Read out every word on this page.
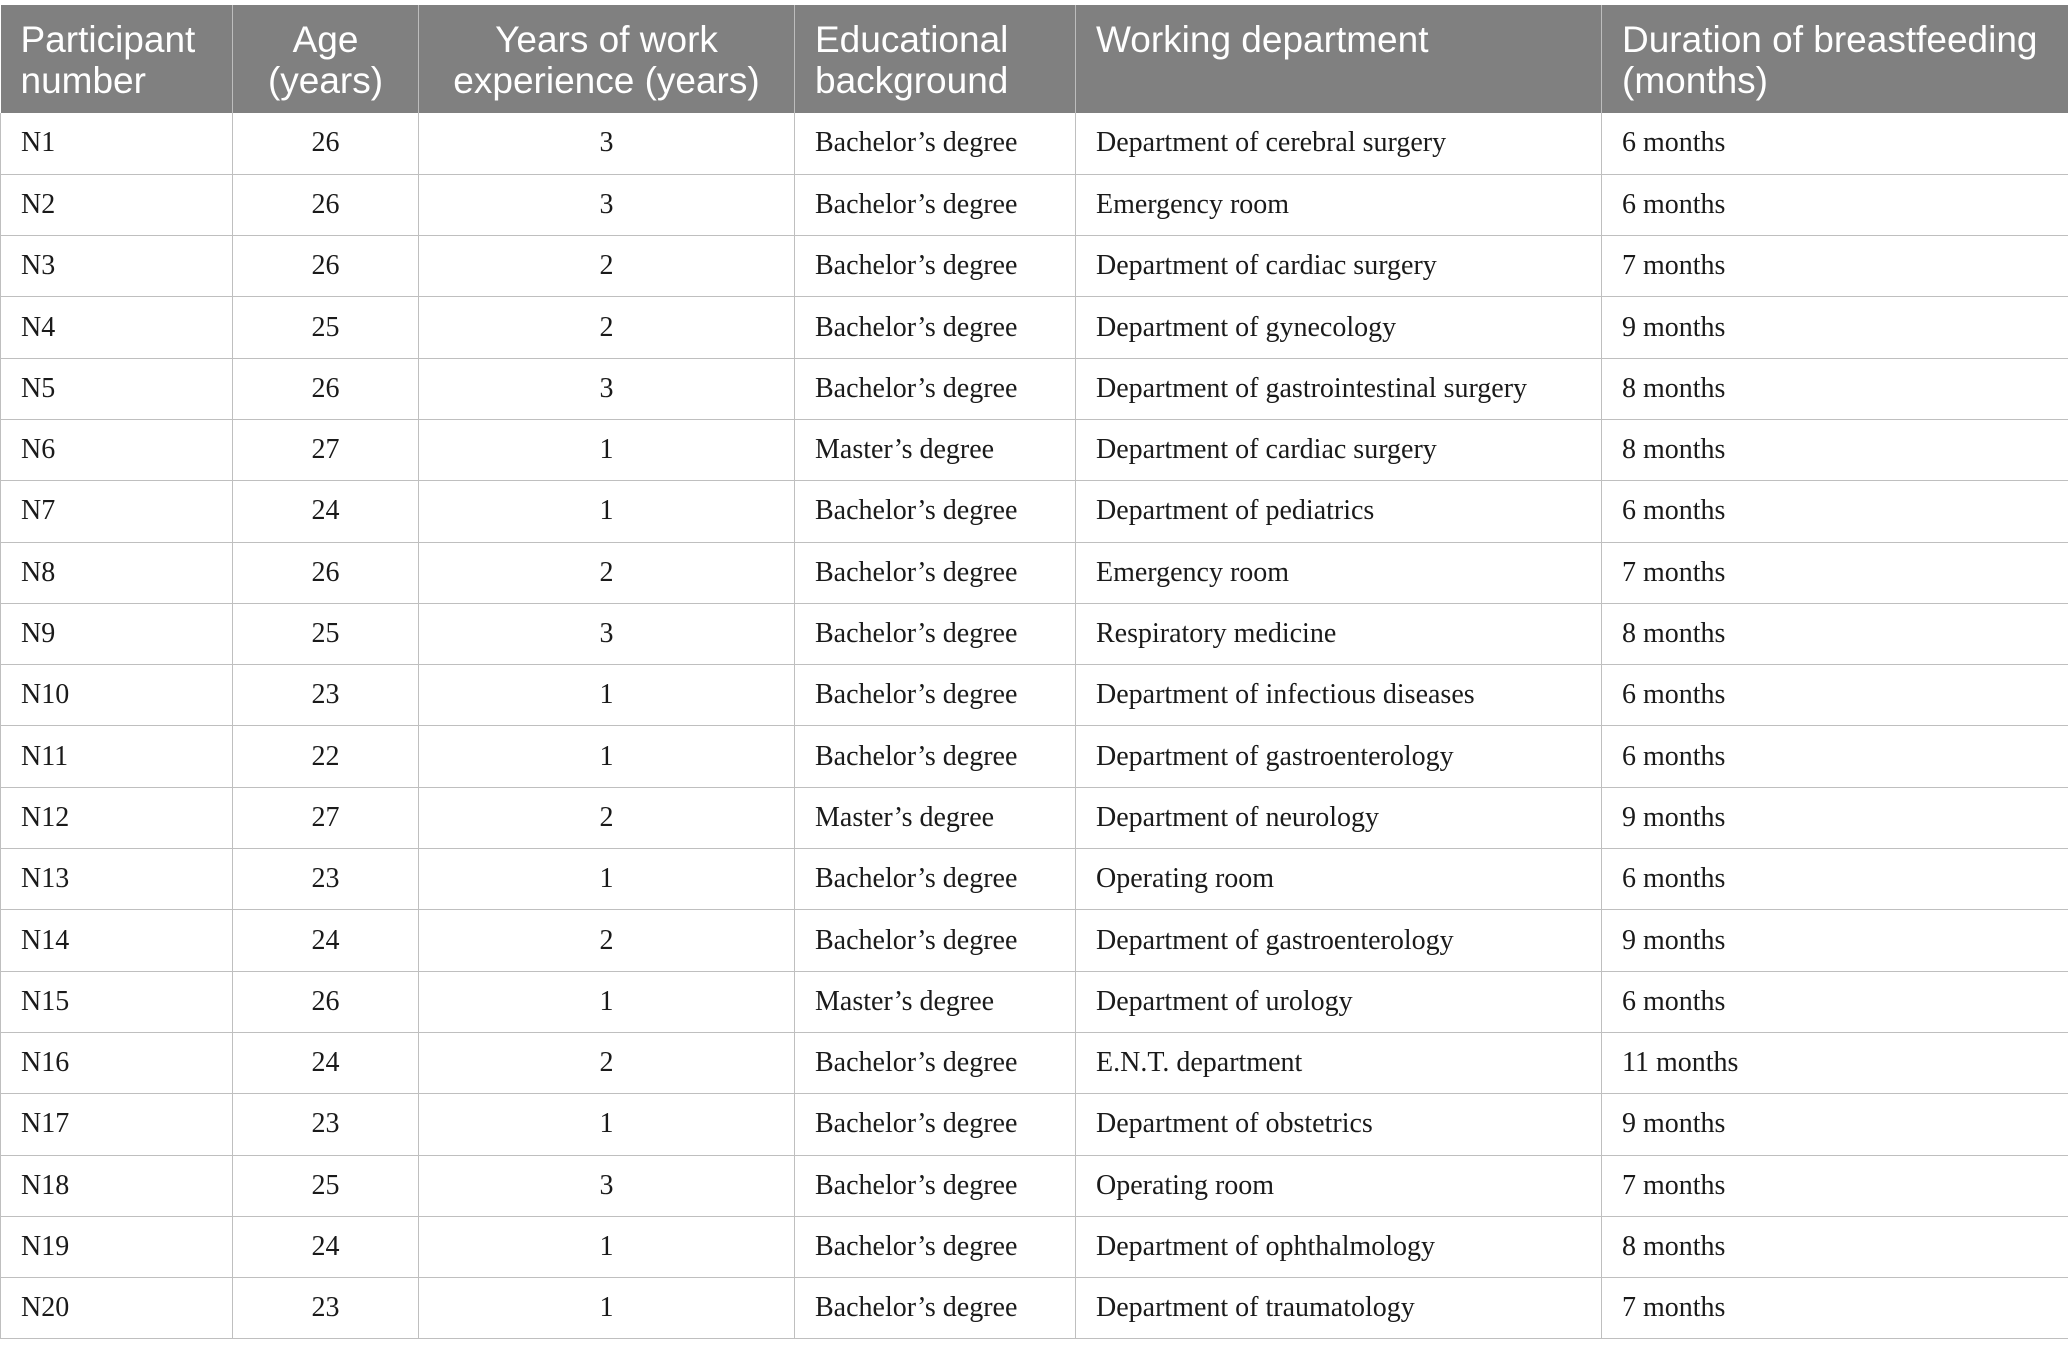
Participant number	Age (years)	Years of work experience (years)	Educational background	Working department	Duration of breastfeeding (months)
N1	26	3	Bachelor’s degree	Department of cerebral surgery	6 months
N2	26	3	Bachelor’s degree	Emergency room	6 months
N3	26	2	Bachelor’s degree	Department of cardiac surgery	7 months
N4	25	2	Bachelor’s degree	Department of gynecology	9 months
N5	26	3	Bachelor’s degree	Department of gastrointestinal surgery	8 months
N6	27	1	Master’s degree	Department of cardiac surgery	8 months
N7	24	1	Bachelor’s degree	Department of pediatrics	6 months
N8	26	2	Bachelor’s degree	Emergency room	7 months
N9	25	3	Bachelor’s degree	Respiratory medicine	8 months
N10	23	1	Bachelor’s degree	Department of infectious diseases	6 months
N11	22	1	Bachelor’s degree	Department of gastroenterology	6 months
N12	27	2	Master’s degree	Department of neurology	9 months
N13	23	1	Bachelor’s degree	Operating room	6 months
N14	24	2	Bachelor’s degree	Department of gastroenterology	9 months
N15	26	1	Master’s degree	Department of urology	6 months
N16	24	2	Bachelor’s degree	E.N.T. department	11 months
N17	23	1	Bachelor’s degree	Department of obstetrics	9 months
N18	25	3	Bachelor’s degree	Operating room	7 months
N19	24	1	Bachelor’s degree	Department of ophthalmology	8 months
N20	23	1	Bachelor’s degree	Department of traumatology	7 months
